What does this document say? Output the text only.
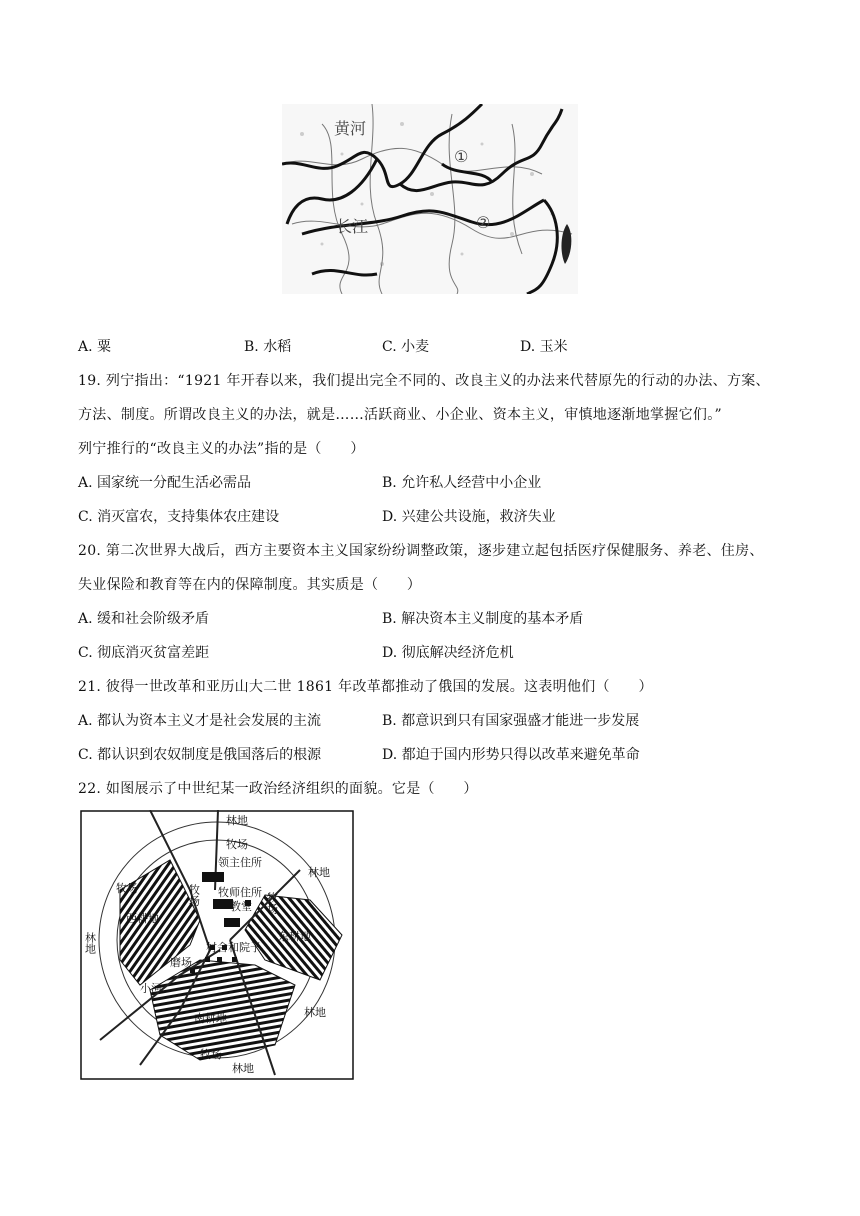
黄河
长江
①
②
A. 粟	B. 水稻	C. 小麦	D. 玉米
19. 列宁指出：“1921 年开春以来，我们提出完全不同的、改良主义的办法来代替原先的行动的办法、方案、
方法、制度。所谓改良主义的办法，就是……活跃商业、小企业、资本主义，审慎地逐渐地掌握它们。”
列宁推行的“改良主义的办法”指的是（　　）
A. 国家统一分配生活必需品	B. 允许私人经营中小企业
C. 消灭富农，支持集体农庄建设	D. 兴建公共设施，救济失业
20. 第二次世界大战后，西方主要资本主义国家纷纷调整政策，逐步建立起包括医疗保健服务、养老、住房、
失业保险和教育等在内的保障制度。其实质是（　　）
A. 缓和社会阶级矛盾	B. 解决资本主义制度的基本矛盾
C. 彻底消灭贫富差距	D. 彻底解决经济危机
21. 彼得一世改革和亚历山大二世 1861 年改革都推动了俄国的发展。这表明他们（　　）
A. 都认为资本主义才是社会发展的主流	B. 都意识到只有国家强盛才能进一步发展
C. 都认识到农奴制度是俄国落后的根源	D. 都迫于国内形势只得以改革来避免革命
22. 如图展示了中世纪某一政治经济组织的面貌。它是（　　）
林地
牧场
领主住所
林地
牧场	牧场 牧师住所 牧场
教堂
西耕地
林地	东耕地
村舍和院子
磨场
小河
林地
南耕地
牧场
林地
